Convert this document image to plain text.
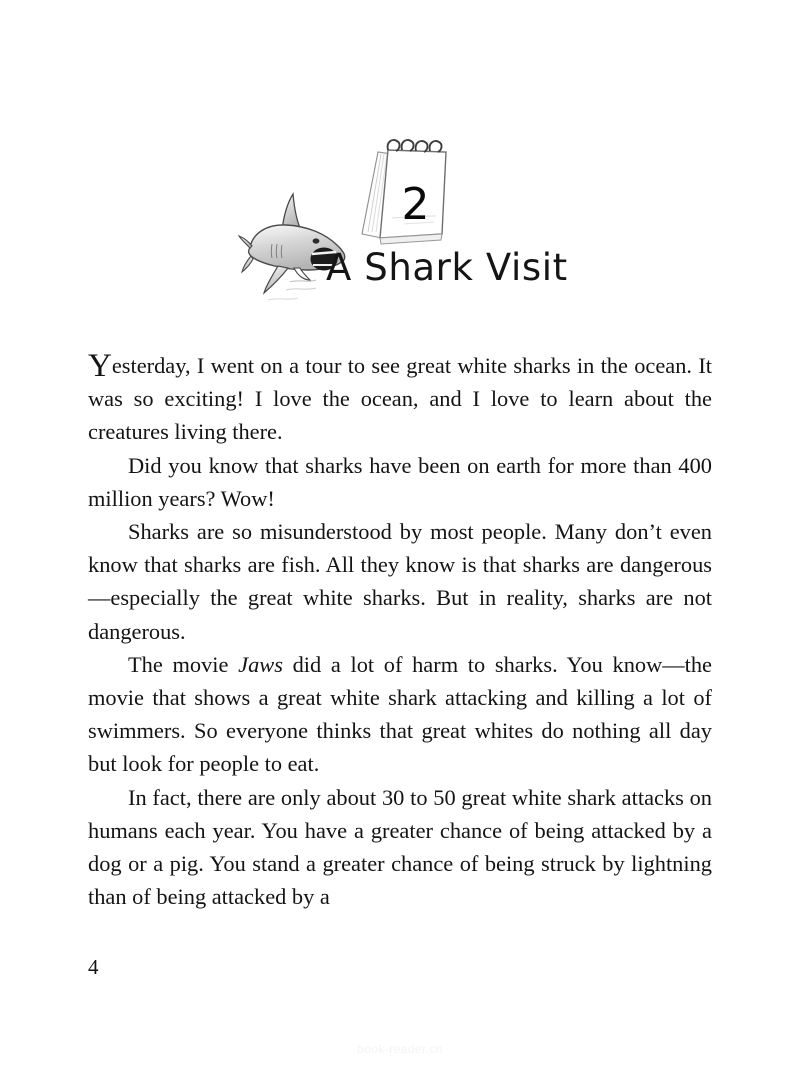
2
A Shark Visit

Yesterday, I went on a tour to see great white sharks in the ocean. It was so exciting! I love the ocean, and I love to learn about the creatures living there.

Did you know that sharks have been on earth for more than 400 million years? Wow!

Sharks are so misunderstood by most people. Many don’t even know that sharks are fish. All they know is that sharks are dangerous—especially the great white sharks. But in reality, sharks are not dangerous.

The movie Jaws did a lot of harm to sharks. You know—the movie that shows a great white shark attacking and killing a lot of swimmers. So everyone thinks that great whites do nothing all day but look for people to eat.

In fact, there are only about 30 to 50 great white shark attacks on humans each year. You have a greater chance of being attacked by a dog or a pig. You stand a greater chance of being struck by lightning than of being attacked by a

4
book-reader.cn
